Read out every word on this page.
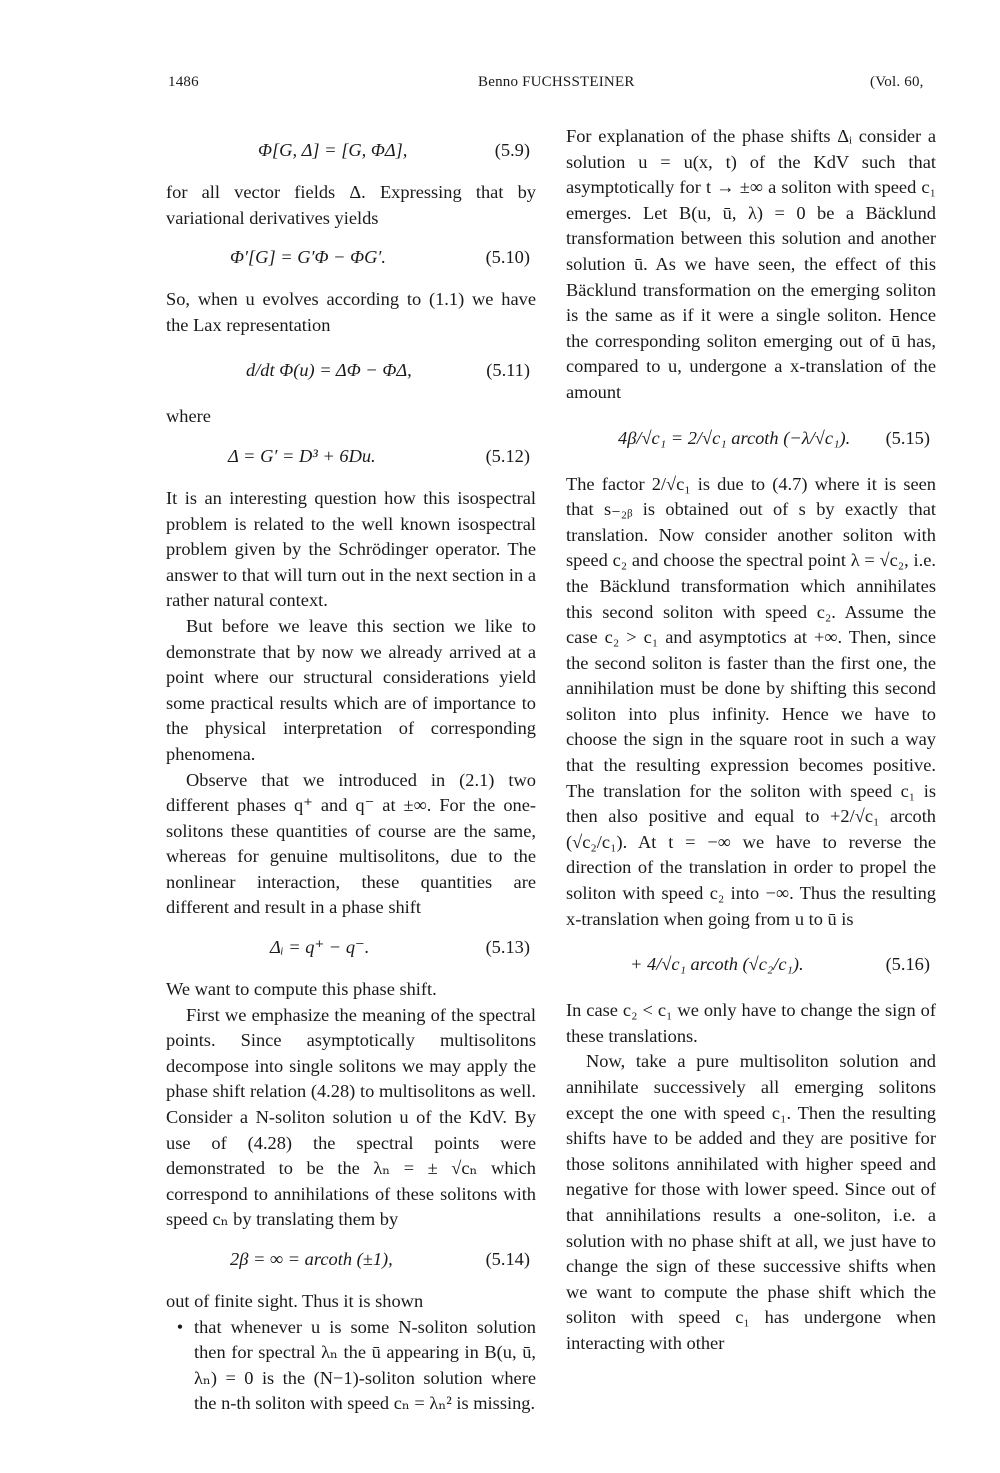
1486	Benno FUCHSSTEINER	(Vol. 60,
Φ[G, Δ] = [G, ΦΔ],	(5.9)

for all vector fields Δ. Expressing that by variational derivatives yields

Φ′[G] = G′Φ − ΦG′.	(5.10)

So, when u evolves according to (1.1) we have the Lax representation

d/dt Φ(u) = ΔΦ − ΦΔ,	(5.11)
where
Δ = G′ = D³ + 6Du.	(5.12)

It is an interesting question how this isospectral problem is related to the well known isospectral problem given by the Schrödinger operator. The answer to that will turn out in the next section in a rather natural context.

But before we leave this section we like to demonstrate that by now we already arrived at a point where our structural considerations yield some practical results which are of importance to the physical interpretation of corresponding phenomena.

Observe that we introduced in (2.1) two different phases q⁺ and q⁻ at ±∞. For the one-solitons these quantities of course are the same, whereas for genuine multisolitons, due to the nonlinear interaction, these quantities are different and result in a phase shift

Δᵢ = q⁺ − q⁻.	(5.13)

We want to compute this phase shift.

First we emphasize the meaning of the spectral points. Since asymptotically multisolitons decompose into single solitons we may apply the phase shift relation (4.28) to multisolitons as well. Consider a N-soliton solution u of the KdV. By use of (4.28) the spectral points were demonstrated to be the λₙ = ± √cₙ which correspond to annihilations of these solitons with speed cₙ by translating them by

2β = ∞ = arcoth (±1),	(5.14)

out of finite sight. Thus it is shown

• that whenever u is some N-soliton solution then for spectral λₙ the ū appearing in B(u, ū, λₙ) = 0 is the (N−1)-soliton solution where the n-th soliton with speed cₙ = λₙ² is missing.

For explanation of the phase shifts Δᵢ consider a solution u = u(x, t) of the KdV such that asymptotically for t → ±∞ a soliton with speed c₁ emerges. Let B(u, ū, λ) = 0 be a Bäcklund transformation between this solution and another solution ū. As we have seen, the effect of this Bäcklund transformation on the emerging soliton is the same as if it were a single soliton. Hence the corresponding soliton emerging out of ū has, compared to u, undergone a x-translation of the amount

4β/√c₁ = 2/√c₁ arcoth (−λ/√c₁). (5.15)

The factor 2/√c₁ is due to (4.7) where it is seen that s₋₂ᵦ is obtained out of s by exactly that translation. Now consider another soliton with speed c₂ and choose the spectral point λ = √c₂, i.e. the Bäcklund transformation which annihilates this second soliton with speed c₂. Assume the case c₂ > c₁ and asymptotics at +∞. Then, since the second soliton is faster than the first one, the annihilation must be done by shifting this second soliton into plus infinity. Hence we have to choose the sign in the square root in such a way that the resulting expression becomes positive. The translation for the soliton with speed c₁ is then also positive and equal to +2/√c₁ arcoth (√c₂/c₁). At t = −∞ we have to reverse the direction of the translation in order to propel the soliton with speed c₂ into −∞. Thus the resulting x-translation when going from u to ū is

+ 4/√c₁ arcoth (√c₂/c₁).	(5.16)

In case c₂ < c₁ we only have to change the sign of these translations.

Now, take a pure multisoliton solution and annihilate successively all emerging solitons except the one with speed c₁. Then the resulting shifts have to be added and they are positive for those solitons annihilated with higher speed and negative for those with lower speed. Since out of that annihilations results a one-soliton, i.e. a solution with no phase shift at all, we just have to change the sign of these successive shifts when we want to compute the phase shift which the soliton with speed c₁ has undergone when interacting with other
